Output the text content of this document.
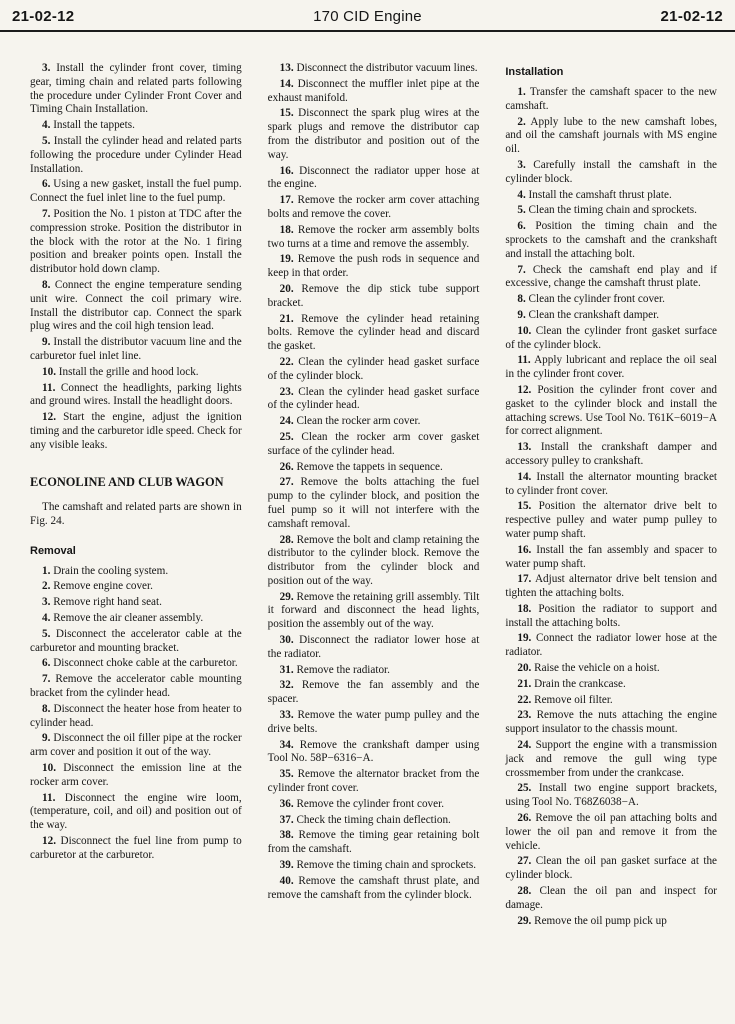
21-02-12	170 CID Engine	21-02-12

3. Install the cylinder front cover, timing gear, timing chain and related parts following the procedure under Cylinder Front Cover and Timing Chain Installation.

4. Install the tappets.

5. Install the cylinder head and related parts following the procedure under Cylinder Head Installation.

6. Using a new gasket, install the fuel pump. Connect the fuel inlet line to the fuel pump.

7. Position the No. 1 piston at TDC after the compression stroke. Position the distributor in the block with the rotor at the No. 1 firing position and breaker points open. Install the distributor hold down clamp.

8. Connect the engine temperature sending unit wire. Connect the coil primary wire. Install the distributor cap. Connect the spark plug wires and the coil high tension lead.

9. Install the distributor vacuum line and the carburetor fuel inlet line.

10. Install the grille and hood lock.

11. Connect the headlights, parking lights and ground wires. Install the headlight doors.

12. Start the engine, adjust the ignition timing and the carburetor idle speed. Check for any visible leaks.

ECONOLINE AND CLUB WAGON

The camshaft and related parts are shown in Fig. 24.

Removal

1. Drain the cooling system.

2. Remove engine cover.

3. Remove right hand seat.

4. Remove the air cleaner assembly.

5. Disconnect the accelerator cable at the carburetor and mounting bracket.

6. Disconnect choke cable at the carburetor.

7. Remove the accelerator cable mounting bracket from the cylinder head.

8. Disconnect the heater hose from heater to cylinder head.

9. Disconnect the oil filler pipe at the rocker arm cover and position it out of the way.

10. Disconnect the emission line at the rocker arm cover.

11. Disconnect the engine wire loom, (temperature, coil, and oil) and position out of the way.

12. Disconnect the fuel line from pump to carburetor at the carburetor.

13. Disconnect the distributor vacuum lines.

14. Disconnect the muffler inlet pipe at the exhaust manifold.

15. Disconnect the spark plug wires at the spark plugs and remove the distributor cap from the distributor and position out of the way.

16. Disconnect the radiator upper hose at the engine.

17. Remove the rocker arm cover attaching bolts and remove the cover.

18. Remove the rocker arm assembly bolts two turns at a time and remove the assembly.

19. Remove the push rods in sequence and keep in that order.

20. Remove the dip stick tube support bracket.

21. Remove the cylinder head retaining bolts. Remove the cylinder head and discard the gasket.

22. Clean the cylinder head gasket surface of the cylinder block.

23. Clean the cylinder head gasket surface of the cylinder head.

24. Clean the rocker arm cover.

25. Clean the rocker arm cover gasket surface of the cylinder head.

26. Remove the tappets in sequence.

27. Remove the bolts attaching the fuel pump to the cylinder block, and position the fuel pump so it will not interfere with the camshaft removal.

28. Remove the bolt and clamp retaining the distributor to the cylinder block. Remove the distributor from the cylinder block and position out of the way.

29. Remove the retaining grill assembly. Tilt it forward and disconnect the head lights, position the assembly out of the way.

30. Disconnect the radiator lower hose at the radiator.

31. Remove the radiator.

32. Remove the fan assembly and the spacer.

33. Remove the water pump pulley and the drive belts.

34. Remove the crankshaft damper using Tool No. 58P−6316−A.

35. Remove the alternator bracket from the cylinder front cover.

36. Remove the cylinder front cover.

37. Check the timing chain deflection.

38. Remove the timing gear retaining bolt from the camshaft.

39. Remove the timing chain and sprockets.

40. Remove the camshaft thrust plate, and remove the camshaft from the cylinder block.

Installation

1. Transfer the camshaft spacer to the new camshaft.

2. Apply lube to the new camshaft lobes, and oil the camshaft journals with MS engine oil.

3. Carefully install the camshaft in the cylinder block.

4. Install the camshaft thrust plate.

5. Clean the timing chain and sprockets.

6. Position the timing chain and the sprockets to the camshaft and the crankshaft and install the attaching bolt.

7. Check the camshaft end play and if excessive, change the camshaft thrust plate.

8. Clean the cylinder front cover.

9. Clean the crankshaft damper.

10. Clean the cylinder front gasket surface of the cylinder block.

11. Apply lubricant and replace the oil seal in the cylinder front cover.

12. Position the cylinder front cover and gasket to the cylinder block and install the attaching screws. Use Tool No. T61K−6019−A for correct alignment.

13. Install the crankshaft damper and accessory pulley to crankshaft.

14. Install the alternator mounting bracket to cylinder front cover.

15. Position the alternator drive belt to respective pulley and water pump pulley to water pump shaft.

16. Install the fan assembly and spacer to water pump shaft.

17. Adjust alternator drive belt tension and tighten the attaching bolts.

18. Position the radiator to support and install the attaching bolts.

19. Connect the radiator lower hose at the radiator.

20. Raise the vehicle on a hoist.

21. Drain the crankcase.

22. Remove oil filter.

23. Remove the nuts attaching the engine support insulator to the chassis mount.

24. Support the engine with a transmission jack and remove the gull wing type crossmember from under the crankcase.

25. Install two engine support brackets, using Tool No. T68Z6038−A.

26. Remove the oil pan attaching bolts and lower the oil pan and remove it from the vehicle.

27. Clean the oil pan gasket surface at the cylinder block.

28. Clean the oil pan and inspect for damage.

29. Remove the oil pump pick up
